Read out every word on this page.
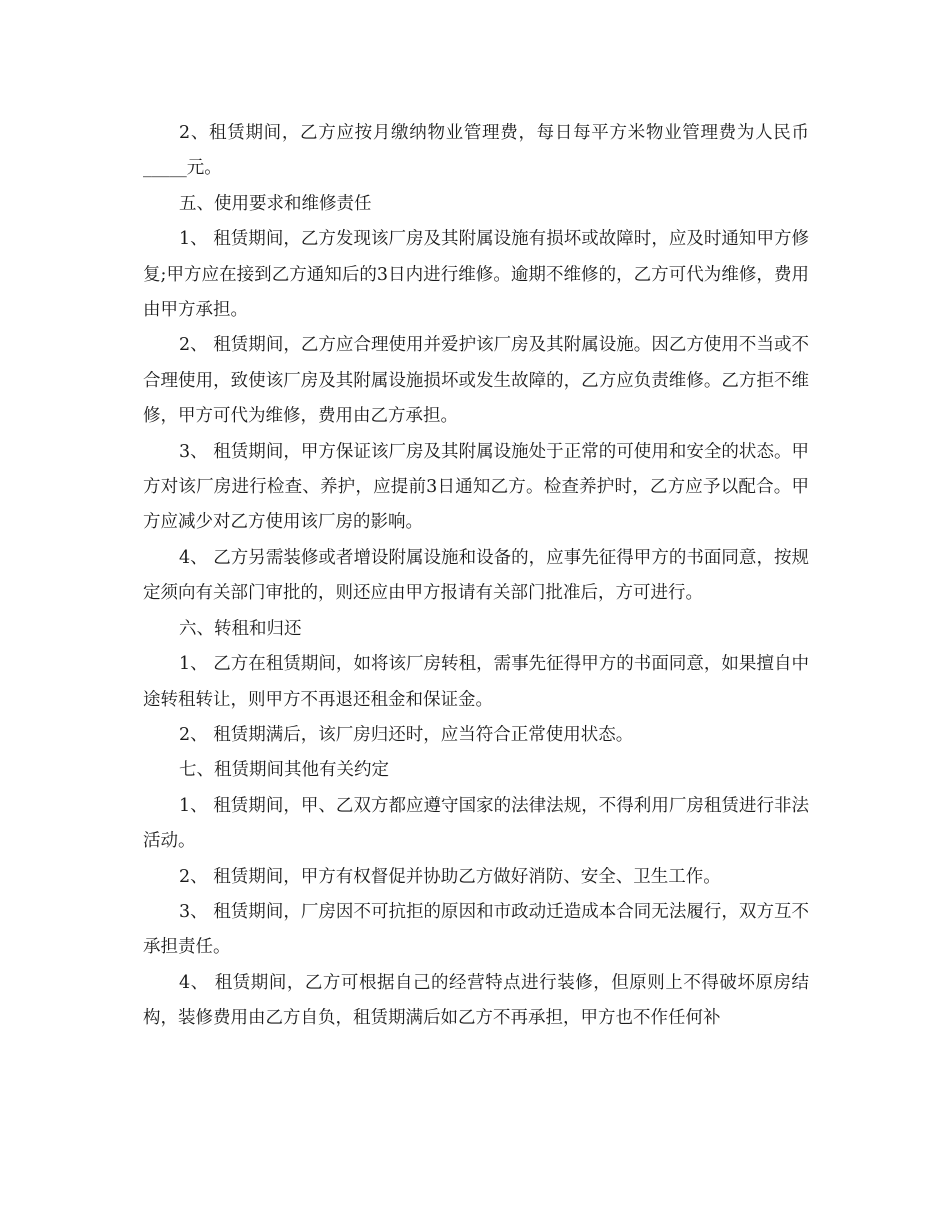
2、租赁期间，乙方应按月缴纳物业管理费，每日每平方米物业管理费为人民币_____元。

五、使用要求和维修责任

1、 租赁期间，乙方发现该厂房及其附属设施有损坏或故障时，应及时通知甲方修复;甲方应在接到乙方通知后的3日内进行维修。逾期不维修的，乙方可代为维修，费用由甲方承担。

2、 租赁期间，乙方应合理使用并爱护该厂房及其附属设施。因乙方使用不当或不合理使用，致使该厂房及其附属设施损坏或发生故障的，乙方应负责维修。乙方拒不维修，甲方可代为维修，费用由乙方承担。

3、 租赁期间，甲方保证该厂房及其附属设施处于正常的可使用和安全的状态。甲方对该厂房进行检查、养护，应提前3日通知乙方。检查养护时，乙方应予以配合。甲方应减少对乙方使用该厂房的影响。

4、 乙方另需装修或者增设附属设施和设备的，应事先征得甲方的书面同意，按规定须向有关部门审批的，则还应由甲方报请有关部门批准后，方可进行。

六、转租和归还

1、 乙方在租赁期间，如将该厂房转租，需事先征得甲方的书面同意，如果擅自中途转租转让，则甲方不再退还租金和保证金。

2、 租赁期满后，该厂房归还时，应当符合正常使用状态。

七、租赁期间其他有关约定

1、 租赁期间，甲、乙双方都应遵守国家的法律法规，不得利用厂房租赁进行非法活动。

2、 租赁期间，甲方有权督促并协助乙方做好消防、安全、卫生工作。

3、 租赁期间，厂房因不可抗拒的原因和市政动迁造成本合同无法履行，双方互不承担责任。

4、 租赁期间，乙方可根据自己的经营特点进行装修，但原则上不得破坏原房结构，装修费用由乙方自负，租赁期满后如乙方不再承担，甲方也不作任何补
